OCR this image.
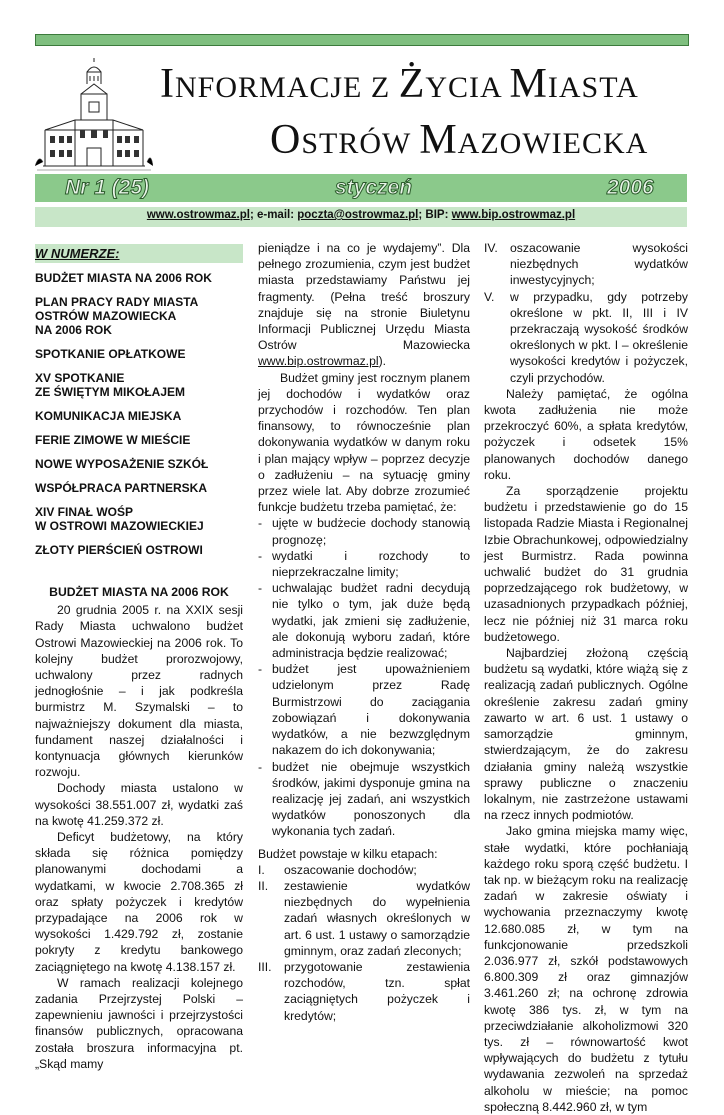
INFORMACJE Z ŻYCIA MIASTA
OSTRÓW MAZOWIECKA
Nr 1 (25)	styczeń	2006
www.ostrowmaz.pl; e-mail: poczta@ostrowmaz.pl; BIP: www.bip.ostrowmaz.pl
W NUMERZE:
BUDŻET MIASTA NA 2006 ROK
PLAN PRACY RADY MIASTA
OSTRÓW MAZOWIECKA
NA 2006 ROK
SPOTKANIE OPŁATKOWE
XV SPOTKANIE
ZE ŚWIĘTYM MIKOŁAJEM
KOMUNIKACJA MIEJSKA
FERIE ZIMOWE W MIEŚCIE
NOWE WYPOSAŻENIE SZKÓŁ
WSPÓŁPRACA PARTNERSKA
XIV FINAŁ WOŚP
W OSTROWI MAZOWIECKIEJ
ZŁOTY PIERŚCIEŃ OSTROWI

BUDŻET MIASTA NA 2006 ROK

20 grudnia 2005 r. na XXIX sesji Rady Miasta uchwalono budżet Ostrowi Mazowieckiej na 2006 rok. To kolejny budżet prorozwojowy, uchwalony przez radnych jednogłośnie – i jak podkreśla burmistrz M. Szymalski – to najważniejszy dokument dla miasta, fundament naszej działalności i kontynuacja głównych kierunków rozwoju.

Dochody miasta ustalono w wysokości 38.551.007 zł, wydatki zaś na kwotę 41.259.372 zł.

Deficyt budżetowy, na który składa się różnica pomiędzy planowanymi dochodami a wydatkami, w kwocie 2.708.365 zł oraz spłaty pożyczek i kredytów przypadające na 2006 rok w wysokości 1.429.792 zł, zostanie pokryty z kredytu bankowego zaciągniętego na kwotę 4.138.157 zł.

W ramach realizacji kolejnego zadania Przejrzystej Polski – zapewnieniu jawności i przejrzystości finansów publicznych, opracowana została broszura informacyjna pt. „Skąd mamy

pieniądze i na co je wydajemy”. Dla pełnego zrozumienia, czym jest budżet miasta przedstawiamy Państwu jej fragmenty. (Pełna treść broszury znajduje się na stronie Biuletynu Informacji Publicznej Urzędu Miasta Ostrów Mazowiecka www.bip.ostrowmaz.pl).

Budżet gminy jest rocznym planem jej dochodów i wydatków oraz przychodów i rozchodów. Ten plan finansowy, to równocześnie plan dokonywania wydatków w danym roku i plan mający wpływ – poprzez decyzje o zadłużeniu – na sytuację gminy przez wiele lat. Aby dobrze zrozumieć funkcje budżetu trzeba pamiętać, że:

- ujęte w budżecie dochody stanowią prognozę;
- wydatki i rozchody to nieprzekraczalne limity;
- uchwalając budżet radni decydują nie tylko o tym, jak duże będą wydatki, jak zmieni się zadłużenie, ale dokonują wyboru zadań, które administracja będzie realizować;
- budżet jest upoważnieniem udzielonym przez Radę Burmistrzowi do zaciągania zobowiązań i dokonywania wydatków, a nie bezwzględnym nakazem do ich dokonywania;
- budżet nie obejmuje wszystkich środków, jakimi dysponuje gmina na realizację jej zadań, ani wszystkich wydatków ponoszonych dla wykonania tych zadań.

Budżet powstaje w kilku etapach:

I.	oszacowanie dochodów;
II.	zestawienie wydatków niezbędnych do wypełnienia zadań własnych określonych w art. 6 ust. 1 ustawy o samorządzie gminnym, oraz zadań zleconych;
III.	przygotowanie zestawienia rozchodów, tzn. spłat zaciągniętych pożyczek i kredytów;
IV.	oszacowanie wysokości niezbędnych wydatków inwestycyjnych;
V.	w przypadku, gdy potrzeby określone w pkt. II, III i IV przekraczają wysokość środków określonych w pkt. I – określenie wysokości kredytów i pożyczek, czyli przychodów.

Należy pamiętać, że ogólna kwota zadłużenia nie może przekroczyć 60%, a spłata kredytów, pożyczek i odsetek 15% planowanych dochodów danego roku.

Za sporządzenie projektu budżetu i przedstawienie go do 15 listopada Radzie Miasta i Regionalnej Izbie Obrachunkowej, odpowiedzialny jest Burmistrz. Rada powinna uchwalić budżet do 31 grudnia poprzedzającego rok budżetowy, w uzasadnionych przypadkach później, lecz nie później niż 31 marca roku budżetowego.

Najbardziej złożoną częścią budżetu są wydatki, które wiążą się z realizacją zadań publicznych. Ogólne określenie zakresu zadań gminy zawarto w art. 6 ust. 1 ustawy o samorządzie gminnym, stwierdzającym, że do zakresu działania gminy należą wszystkie sprawy publiczne o znaczeniu lokalnym, nie zastrzeżone ustawami na rzecz innych podmiotów.

Jako gmina miejska mamy więc, stałe wydatki, które pochłaniają każdego roku sporą część budżetu. I tak np. w bieżącym roku na realizację zadań w zakresie oświaty i wychowania przeznaczymy kwotę 12.680.085 zł, w tym na funkcjonowanie przedszkoli 2.036.977 zł, szkół podstawowych 6.800.309 zł oraz gimnazjów 3.461.260 zł; na ochronę zdrowia kwotę 386 tys. zł, w tym na przeciwdziałanie alkoholizmowi 320 tys. zł – równowartość kwot wpływających do budżetu z tytułu wydawania zezwoleń na sprzedaż alkoholu w mieście; na pomoc społeczną 8.442.960 zł, w tym
